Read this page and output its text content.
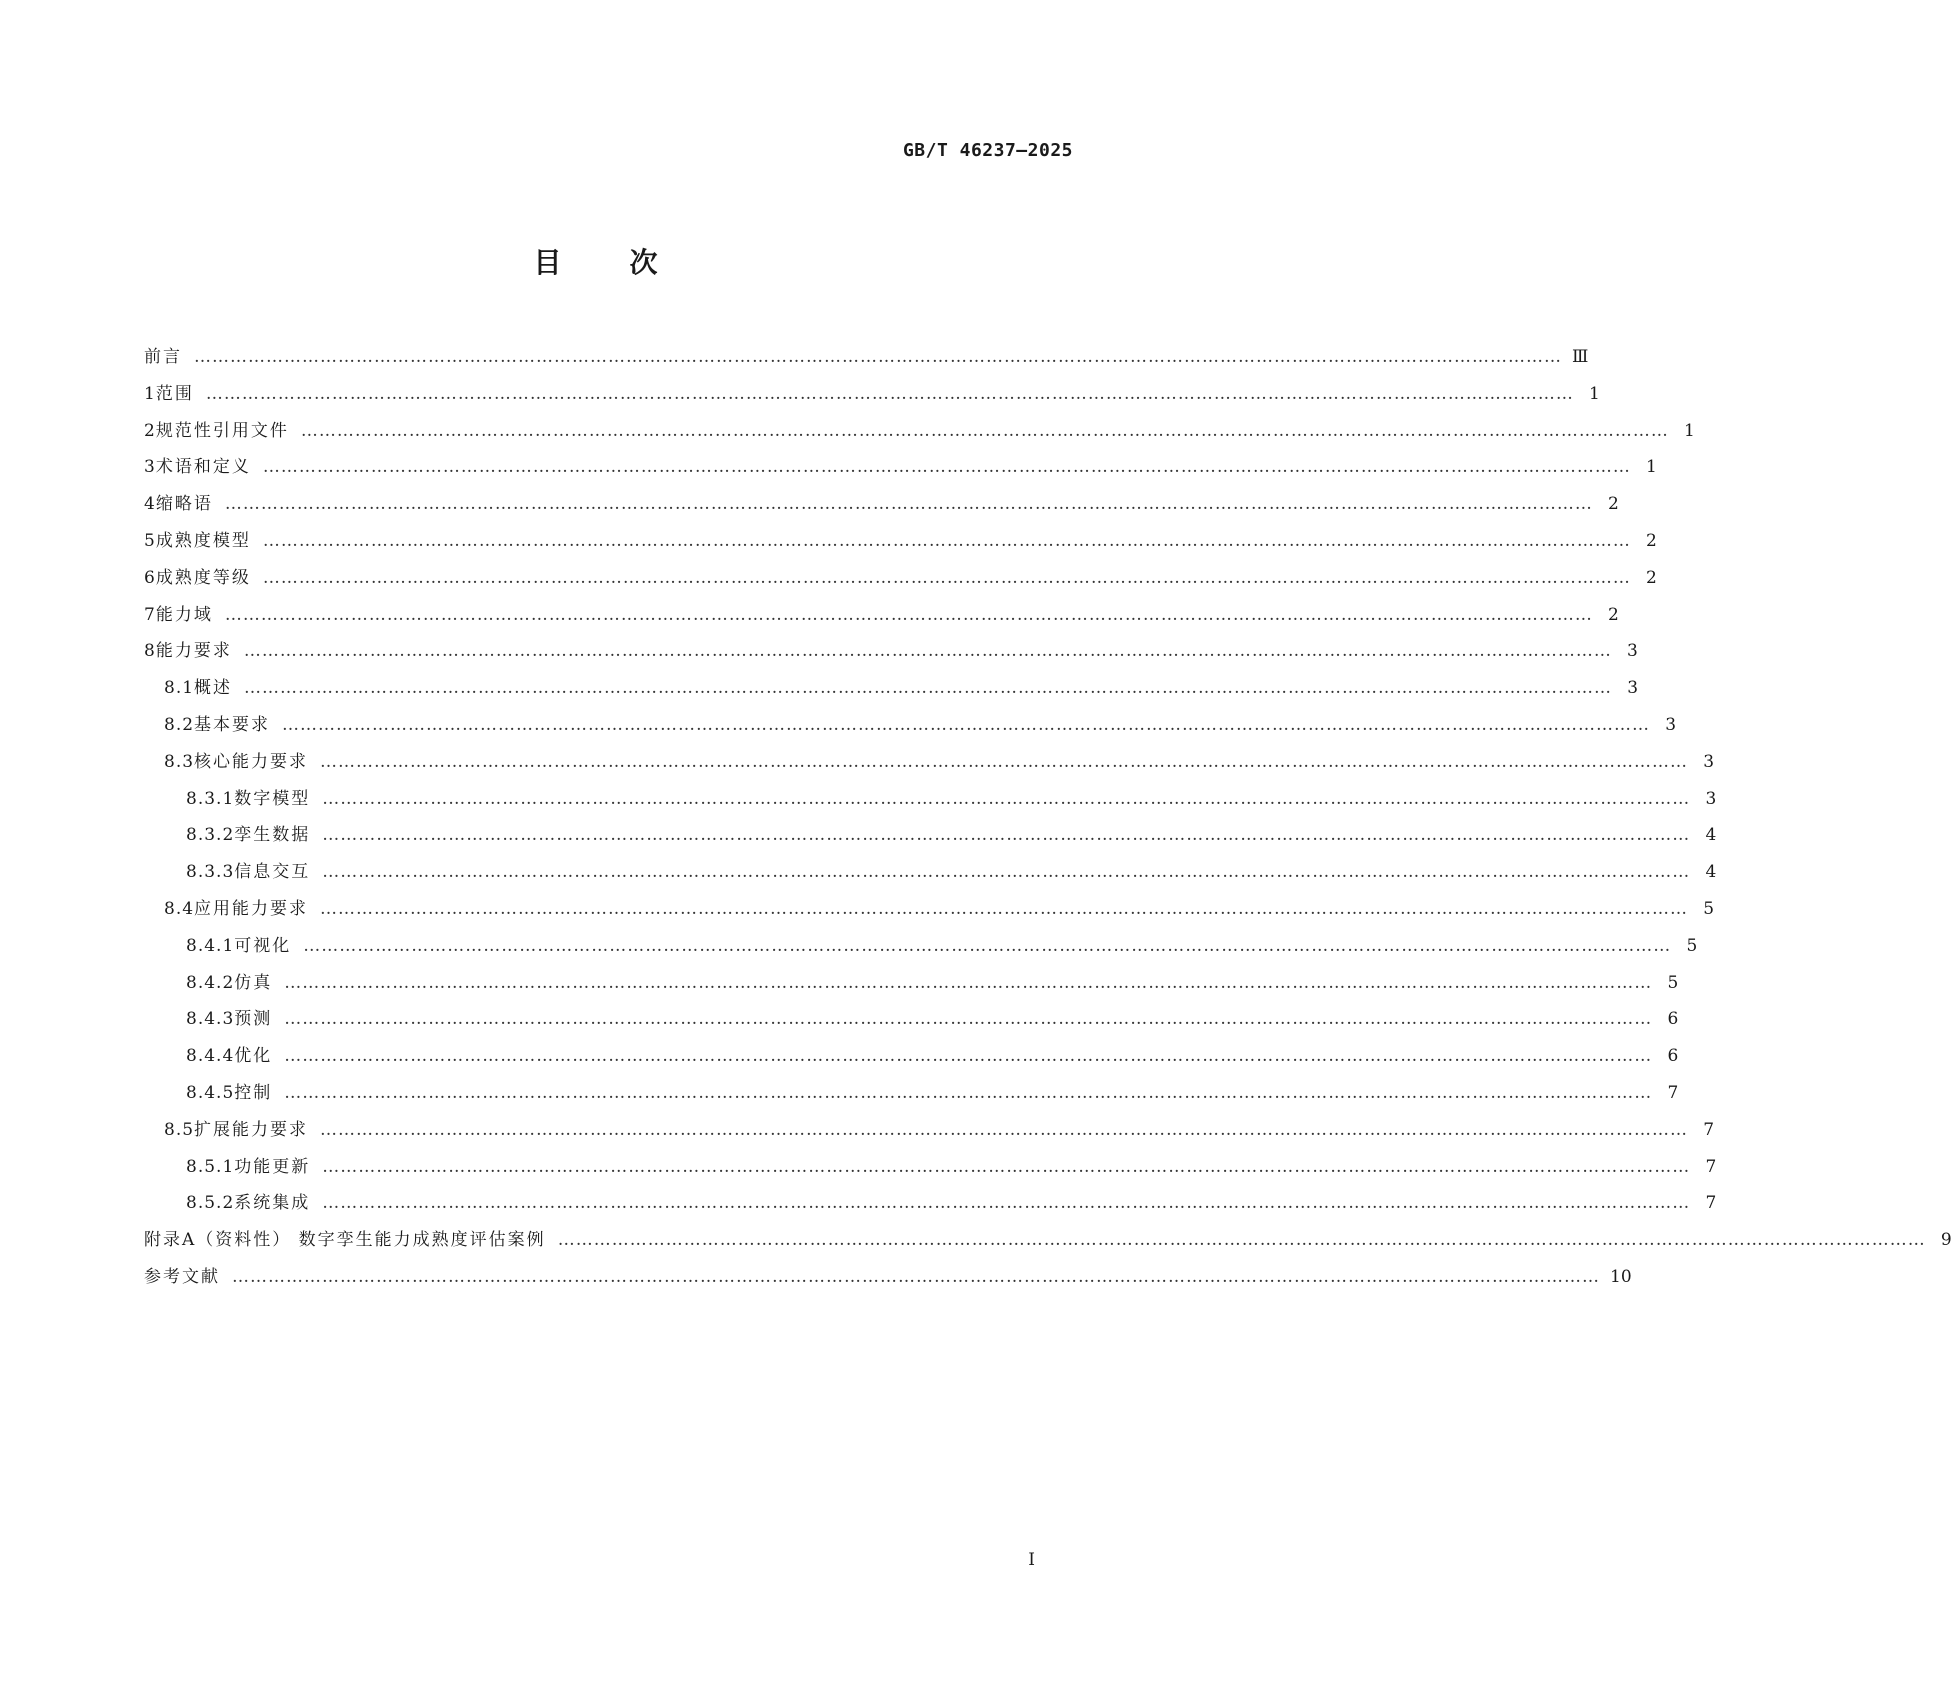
GB/T 46237—2025
目次
前言 ………………………………………………………………………………………………………………………………………………………………………………………………………… Ⅲ
1 范围 ………………………………………………………………………………………………………………………………………………………………………………………………………… 1
2 规范性引用文件 ………………………………………………………………………………………………………………………………………………………………………………………………………… 1
3 术语和定义 ………………………………………………………………………………………………………………………………………………………………………………………………………… 1
4 缩略语 ………………………………………………………………………………………………………………………………………………………………………………………………………… 2
5 成熟度模型 ………………………………………………………………………………………………………………………………………………………………………………………………………… 2
6 成熟度等级 ………………………………………………………………………………………………………………………………………………………………………………………………………… 2
7 能力域 ………………………………………………………………………………………………………………………………………………………………………………………………………… 2
8 能力要求 ………………………………………………………………………………………………………………………………………………………………………………………………………… 3
8.1 概述 ………………………………………………………………………………………………………………………………………………………………………………………………………… 3
8.2 基本要求 ………………………………………………………………………………………………………………………………………………………………………………………………………… 3
8.3 核心能力要求 ………………………………………………………………………………………………………………………………………………………………………………………………………… 3
8.3.1 数字模型 ………………………………………………………………………………………………………………………………………………………………………………………………………… 3
8.3.2 孪生数据 ………………………………………………………………………………………………………………………………………………………………………………………………………… 4
8.3.3 信息交互 ………………………………………………………………………………………………………………………………………………………………………………………………………… 4
8.4 应用能力要求 ………………………………………………………………………………………………………………………………………………………………………………………………………… 5
8.4.1 可视化 ………………………………………………………………………………………………………………………………………………………………………………………………………… 5
8.4.2 仿真 ………………………………………………………………………………………………………………………………………………………………………………………………………… 5
8.4.3 预测 ………………………………………………………………………………………………………………………………………………………………………………………………………… 6
8.4.4 优化 ………………………………………………………………………………………………………………………………………………………………………………………………………… 6
8.4.5 控制 ………………………………………………………………………………………………………………………………………………………………………………………………………… 7
8.5 扩展能力要求 ………………………………………………………………………………………………………………………………………………………………………………………………………… 7
8.5.1 功能更新 ………………………………………………………………………………………………………………………………………………………………………………………………………… 7
8.5.2 系统集成 ………………………………………………………………………………………………………………………………………………………………………………………………………… 7
附录A（资料性） 数字孪生能力成熟度评估案例 ………………………………………………………………………………………………………………………………………………………………………………………………………… 9
参考文献 ………………………………………………………………………………………………………………………………………………………………………………………………………… 10
Ⅰ
